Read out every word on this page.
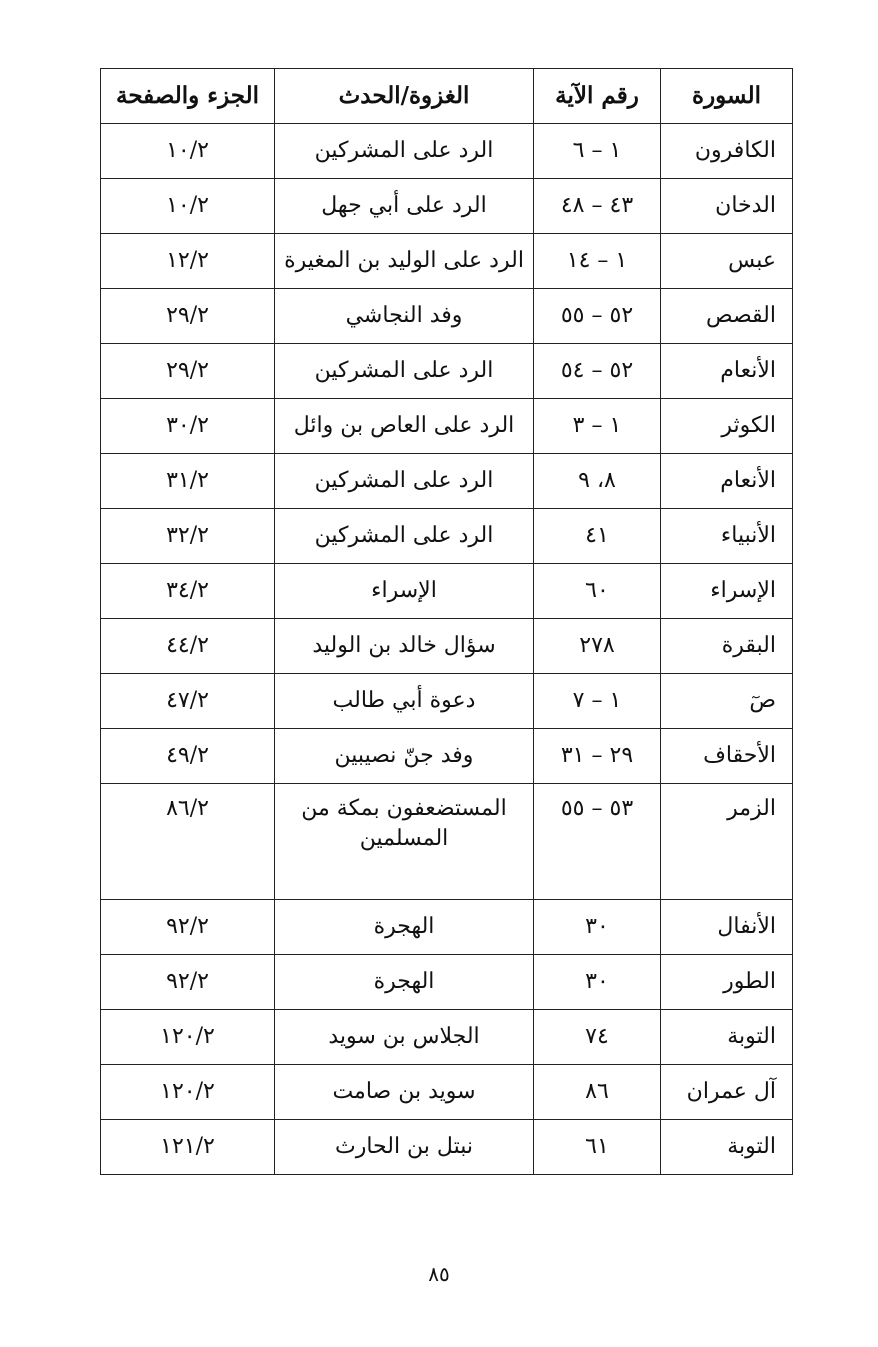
السورة	رقم الآية	الغزوة/الحدث	الجزء والصفحة
الكافرون	١ – ٦	الرد على المشركين	١٠/٢
الدخان	٤٣ – ٤٨	الرد على أبي جهل	١٠/٢
عبس	١ – ١٤	الرد على الوليد بن المغيرة	١٢/٢
القصص	٥٢ – ٥٥	وفد النجاشي	٢٩/٢
الأنعام	٥٢ – ٥٤	الرد على المشركين	٢٩/٢
الكوثر	١ – ٣	الرد على العاص بن وائل	٣٠/٢
الأنعام	٨، ٩	الرد على المشركين	٣١/٢
الأنبياء	٤١	الرد على المشركين	٣٢/٢
الإسراء	٦٠	الإسراء	٣٤/٢
البقرة	٢٧٨	سؤال خالد بن الوليد	٤٤/٢
صٓ	١ – ٧	دعوة أبي طالب	٤٧/٢
الأحقاف	٢٩ – ٣١	وفد جنّ نصيبين	٤٩/٢
الزمر	٥٣ – ٥٥	المستضعفون بمكة من المسلمين	٨٦/٢
الأنفال	٣٠	الهجرة	٩٢/٢
الطور	٣٠	الهجرة	٩٢/٢
التوبة	٧٤	الجلاس بن سويد	١٢٠/٢
آل عمران	٨٦	سويد بن صامت	١٢٠/٢
التوبة	٦١	نبتل بن الحارث	١٢١/٢
٨٥
